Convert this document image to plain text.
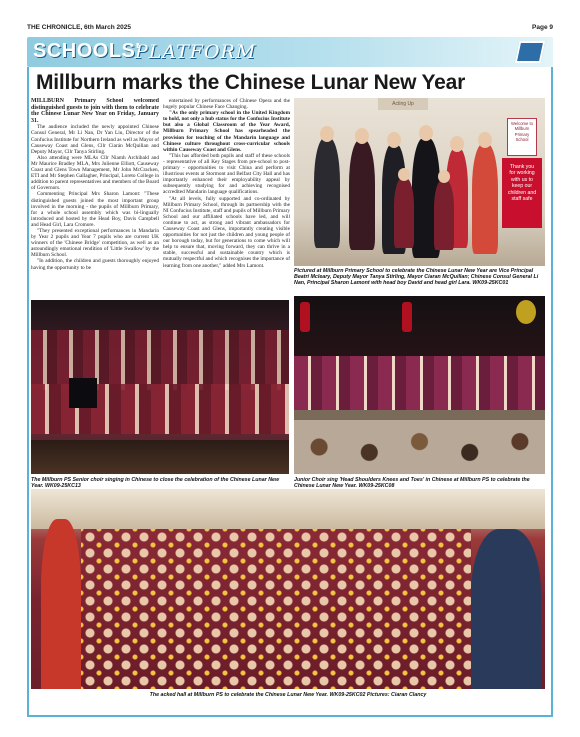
THE CHRONICLE, 6th March 2025	Page 9
SCHOOLS'
PLATFORM
Millburn marks the Chinese Lunar New Year

MILLBURN Primary School welcomed distinguished guests to join with them to celebrate the Chinese Lunar New Year on Friday, January 31.

The audience included the newly appointed Chinese Consul General, Mr Li Nan, Dr Yan Liu, Director of the Confucius Institute for Northern Ireland as well as Mayor of Causeway Coast and Glens, Cllr Ciarán McQuillan and Deputy Mayor, Cllr Tanya Stirling.

Also attending were MLAs Cllr Niamh Archibald and Mr Maurice Bradley MLA, Mrs Julienne Elliott, Causeway Coast and Glens Town Management, Mr John McCracken, ETI and Mr Stephen Gallagher, Principal, Loreto College in addition to parent representatives and members of the Board of Governors.

Commenting Principal Mrs Sharon Lamont: "These distinguished guests joined the most important group involved in the morning - the pupils of Millburn Primary, for a whole school assembly which was bi-lingually introduced and hosted by the Head Boy, Davis Campbell and Head Girl, Lara Cromore.

"They presented exceptional performances in Mandarin by Year 2 pupils and Year 7 pupils who are current UK winners of the 'Chinese Bridge' competition, as well as an astoundingly emotional rendition of 'Little Swallow' by the Millburn School.

"In addition, the children and guests thoroughly enjoyed having the opportunity to be

entertained by performances of Chinese Opera and the hugely popular Chinese Face Changing.

"As the only primary school in the United Kingdom to hold, not only a hub status for the Confucius Institute but also a Global Classroom of the Year Award, Millburn Primary School has spearheaded the provision for teaching of the Mandarin language and Chinese culture throughout cross-curricular schools within Causeway Coast and Glens.

"This has afforded both pupils and staff of these schools - representative of all Key Stages from pre-school to post-primary - opportunities to visit China and perform at illustrious events at Stormont and Belfast City Hall and has importantly enhanced their employability appeal by subsequently studying for and achieving recognised accredited Mandarin language qualifications.

"At all levels, fully supported and co-ordinated by Millburn Primary School, through its partnership with the NI Confucius Institute, staff and pupils of Millburn Primary School and our affiliated schools have led, and will continue to act, as strong and vibrant ambassadors for Causeway Coast and Glens, importantly creating visible opportunities for not just the children and young people of our borough today, but for generations to come which will help to ensure that, moving forward, they can thrive in a stable, successful and sustainable country which is mutually respectful and which recognises the importance of learning from one another," added Mrs Lamont.

Acting Up
Welcome to
Millburn
Primary
School
Thank you
for working
with us to
keep our
children and
staff safe
Pictured at Millburn Primary School to celebrate the Chinese Lunar New Year are Vice Principal Beatrí Mcleary, Deputy Mayor Tanya Stirling, Mayor Ciaran McQuillan; Chinese Consul General Li Nan, Principal Sharon Lamont with head boy David and head girl Lara. WK09-25KC01
The Millburn PS Senior choir singing in Chinese to close the celebration of the Chinese Lunar New Year. WK09-25KC13
Junior Choir sing 'Head Shoulders Knees and Toes' in Chinese at Millburn PS to celebrate the Chinese Lunar New Year. WK09-25KC08
The acked hall at Millburn PS to celebrate the Chinese Lunar New Year. WK09-25KC02 Pictures: Ciaran Clancy
